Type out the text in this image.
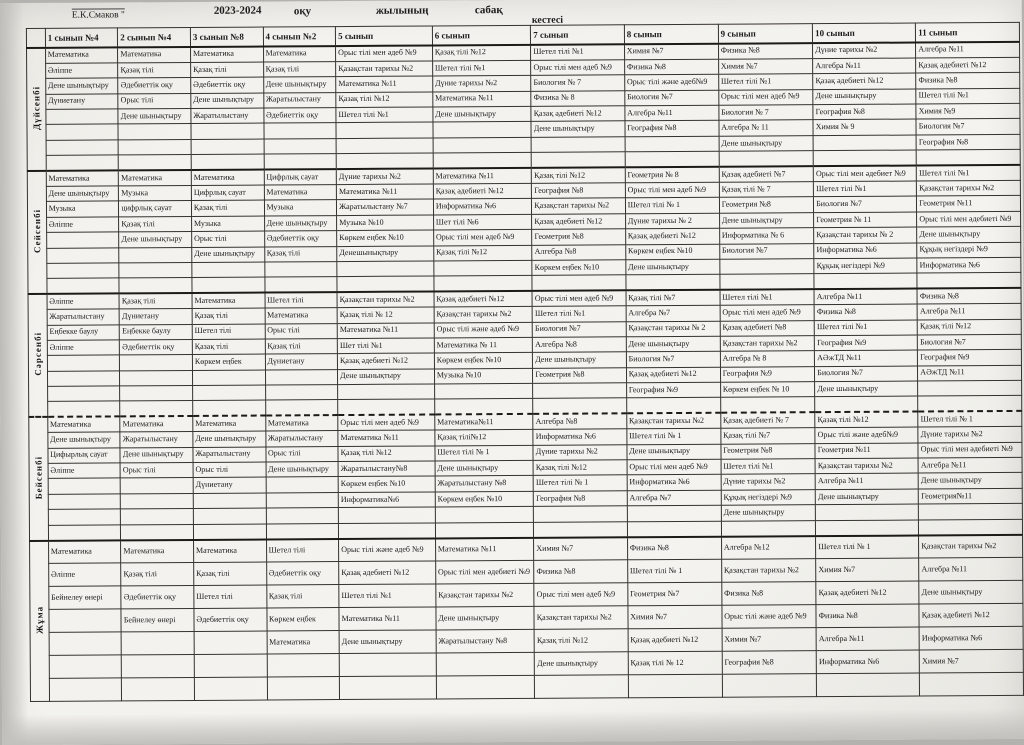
Е.К.Смаков "	2023-2024	оқу	жылының	сабақ
кестесі
	1 сынып №4	2 сынып №4	3 сынып №8	4 сынып №2	5 сынып	6 сынып	7 сынып	8 сынып	9 сынып	10 сынып	11 сынып
Дүйсенбі	Математика	Математика	Математика	Математика	Орыс тілі мен әдеб №9	Қазақ тілі №12	Шетел тілі №1	Химия №7	Физика №8	Дүние тарихы №2	Алгебра №11
	Әліппе	Қазақ тілі	Қазақ тілі	Қазақ тілі	Қазақстан тарихы №2	Шетел тілі №1	Орыс тілі мен әдеб №9	Физика №8	Химия №7	Алгебра №11	Қазақ әдебиеті №12
	Дене шынықтыру	Әдебиеттік оқу	Әдебиеттік оқу	Дене шынықтыру	Математика №11	Дүние тарихы №2	Биология № 7	Орыс тілі және әдеб№9	Шетел тілі №1	Қазақ әдебиеті №12	Физика №8
	Дүниетану	Орыс тілі	Дене шынықтыру	Жаратылыстану	Қазақ тілі №12	Математика №11	Физика № 8	Биология №7	Орыс тілі мен әдеб №9	Дене шынықтыру	Шетел тілі №1
		Дене шынықтыру	Жаратылыстану	Әдебиеттік оқу	Шетел тілі №1	Дене шынықтыру	Қазақ әдебиеті №12	Алгебра №11	Биология № 7	География №8	Химия №9
							Дене шынықтыру	География №8	Алгебра № 11	Химия № 9	Биология №7
									Дене шынықтыру		География №8

Сейсенбі	Математика	Математика	Математика	Цифрлық сауат	Дүние тарихы №2	Математика №11	Қазақ тілі №12	Геометрия № 8	Қазақ әдебиеті №7	Орыс тілі мен әдебиет №9	Шетел тілі №1
	Дене шынықтыру	Музыка	Цифрлық сауат	Математика	Математика №11	Қазақ әдебиеті №12	География №8	Орыс тілі мен әдеб №9	Қазақ тілі № 7	Шетел тілі №1	Қазақстан тарихы №2
	Музыка	цифрлық сауат	Қазақ тілі	Музыка	Жаратылыстану №7	Информатика №6	Қазақстан тарихы №2	Шетел тілі № 1	Геометрия №8	Биология №7	Геометрия №11
	Әліппе	Қазақ тілі	Музыка	Дене шынықтыру	Музыка №10	Шет тілі №6	Қазақ әдебиеті №12	Дүние тарихы № 2	Дене шынықтыру	Геометрия № 11	Орыс тілі мен әдебиеті №9
		Дене шынықтыру	Орыс тілі	Әдебиеттік оқу	Көркем еңбек №10	Орыс тілі мен әдеб №9	Геометрия №8	Қазақ әдебиеті №12	Информатика № 6	Қазақстан тарихы № 2	Дене шынықтыру
			Дене шынықтыру	Қазақ тілі	Денешынықтыру	Қазақ тілі №12	Алгебра №8	Көркем еңбек №10	Биология №7	Информатика №6	Құқық негіздері №9
							Көркем еңбек №10	Дене шынықтыру		Құқық негіздері №9	Информатика №6

Сәрсенбі	Әліппе	Қазақ тілі	Математика	Шетел тілі	Қазақстан тарихы №2	Қазақ әдебиеті №12	Орыс тілі мен әдеб №9	Қазақ тілі №7	Шетел тілі №1	Алгебра №11	Физика №8
	Жаратылыстану	Дүниетану	Қазақ тілі	Математика	Қазақ тілі № 12	Қазақстан тарихы №2	Шетел тілі №1	Алгебра №7	Орыс тілі мен әдеб №9	Физика №8	Алгебра №11
	Еңбекке баулу	Еңбекке баулу	Шетел тілі	Орыс тілі	Математика №11	Орыс тілі және әдеб №9	Биология №7	Қазақстан тарихы № 2	Қазақ әдебиеті №8	Шетел тілі №1	Қазақ тілі №12
	Әліппе	Әдебиеттік оқу	Қазақ тілі	Қазақ тілі	Шет тілі №1	Математика № 11	Алгебра №8	Дене шынықтыру	Қазақстан тарихы №2	География №9	Биология №7
			Көркем еңбек	Дүниетану	Қазақ әдебиеті №12	Көркем еңбек №10	Дене шынықтыру	Биология №7	Алгебра № 8	АӘжТД №11	География №9
					Дене шынықтыру	Музыка №10	Геометрия №8	Қазақ әдебиеті №12	География №9	Биология №7	АӘжТД №11
								География №9	Көркем еңбек № 10	Дене шынықтыру	

Бейсенбі	Математика	Математика	Математика	Математика	Орыс тілі мен әдеб №9	Математика№11	Алгебра №8	Қазақстан тарихы №2	Қазақ әдебиеті № 7	Қазақ тілі №12	Шетел тілі № 1
	Дене шынықтыру	Жаратылыстану	Дене шынықтыру	Жаратылыстану	Математика №11	Қазақ тілі№12	Информатика №6	Шетел тілі № 1	Қазақ тілі №7	Орыс тілі және әдеб№9	Дүние тарихы №2
	Цифырлық сауат	Дене шынықтыру	Жаратылыстану	Орыс тілі	Қазақ тілі №12	Шетел тілі № 1	Дүние тарихы №2	Дене шынықтыру	Геометрия №8	Геометрия №11	Орыс тілі мен әдебиеті №9
	Әліппе	Орыс тілі	Орыс тілі	Дене шынықтыру	Жаратылыстану№8	Дене шынықтыру	Қазақ тілі №12	Орыс тілі мен әдеб №9	Шетел тілі №1	Қазақстан тарихы №2	Алгебра №11
			Дүниетану		Көркем еңбек №10	Жаратылыстану №8	Шетел тілі № 1	Информатика №6	Дүние тарихы №2	Алгебра №11	Дене шынықтыру
					Информатика№6	Көркем еңбек №10	География №8	Алгебра №7	Құқық негіздері №9	Дене шынықтыру	Геометрия№11
									Дене шынықтыру		

Жұма	Математика	Математика	Математика	Шетел тілі	Орыс тілі және әдеб №9	Математика №11	Химия №7	Физика №8	Алгебра №12	Шетел тілі № 1	Қазақстан тарихы №2
	Әліппе	Қазақ тілі	Қазақ тілі	Әдебиеттік оқу	Қазақ әдебиеті №12	Орыс тілі мен әдебиеті №9	Физика №8	Шетел тілі № 1	Қазақстан тарихы №2	Химия №7	Алгебра №11
	Бейнелеу өнері	Әдебиеттік оқу	Шетел тілі	Қазақ тілі	Шетел тілі №1	Қазақстан тарихы №2	Орыс тілі мен әдеб №9	Геометрия №7	Физика №8	Қазақ әдебиеті №12	Дене шынықтыру
		Бейнелеу өнері	Әдебиеттік оқу	Көркем еңбек	Математика №11	Дене шынықтыру	Қазақстан тарихы №2	Химия №7	Орыс тілі және әдеб №9	Физика №8	Қазақ әдебиеті №12
				Математика	Дене шынықтыру	Жаратылыстану №8	Қазақ тілі №12	Қазақ әдебиеті №12	Химия №7	Алгебра №11	Информатика №6
							Дене шынықтыру	Қазақ тілі № 12	География №8	Информатика №6	Химия №7
